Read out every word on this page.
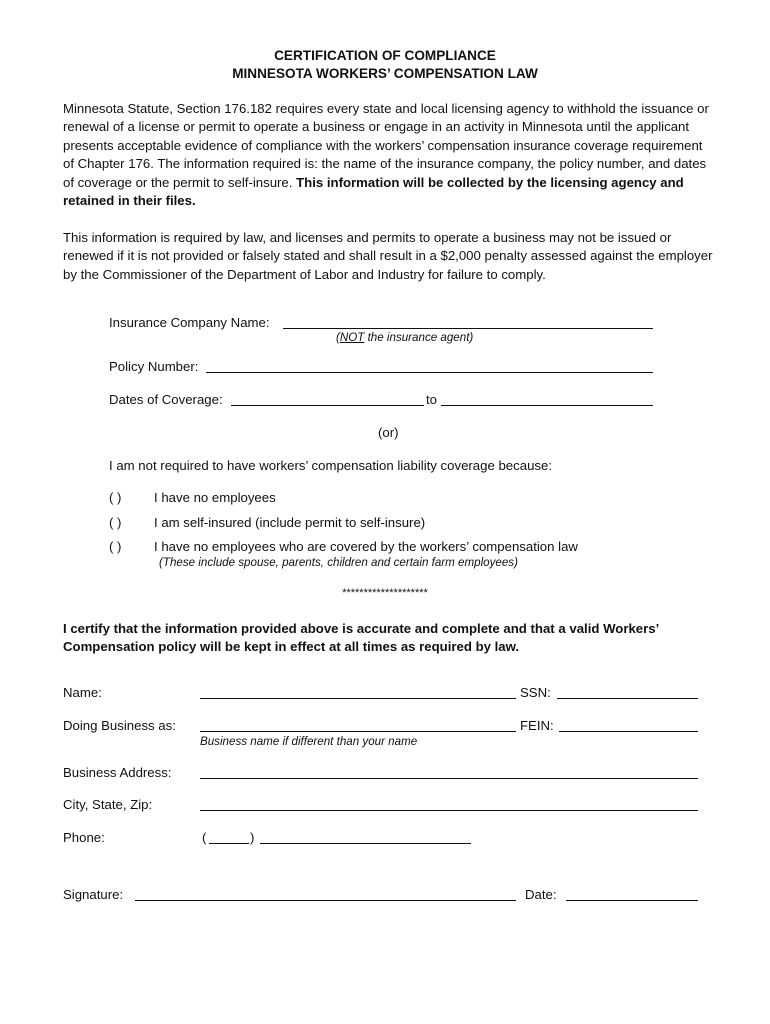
CERTIFICATION OF COMPLIANCE
MINNESOTA WORKERS’ COMPENSATION LAW
Minnesota Statute, Section 176.182 requires every state and local licensing agency to withhold the issuance or renewal of a license or permit to operate a business or engage in an activity in Minnesota until the applicant presents acceptable evidence of compliance with the workers’ compensation insurance coverage requirement of Chapter 176. The information required is: the name of the insurance company, the policy number, and dates of coverage or the permit to self-insure. This information will be collected by the licensing agency and retained in their files.
This information is required by law, and licenses and permits to operate a business may not be issued or renewed if it is not provided or falsely stated and shall result in a $2,000 penalty assessed against the employer by the Commissioner of the Department of Labor and Industry for failure to comply.
Insurance Company Name:
(NOT the insurance agent)
Policy Number:
Dates of Coverage:	to
(or)
I am not required to have workers’ compensation liability coverage because:
( ) I have no employees
( ) I am self-insured (include permit to self-insure)
( ) I have no employees who are covered by the workers’ compensation law
(These include spouse, parents, children and certain farm employees)
********************
I certify that the information provided above is accurate and complete and that a valid Workers’ Compensation policy will be kept in effect at all times as required by law.
Name:	SSN:
Doing Business as:	FEIN:
Business name if different than your name
Business Address:
City, State, Zip:
Phone:	(	)
Signature:	Date:
